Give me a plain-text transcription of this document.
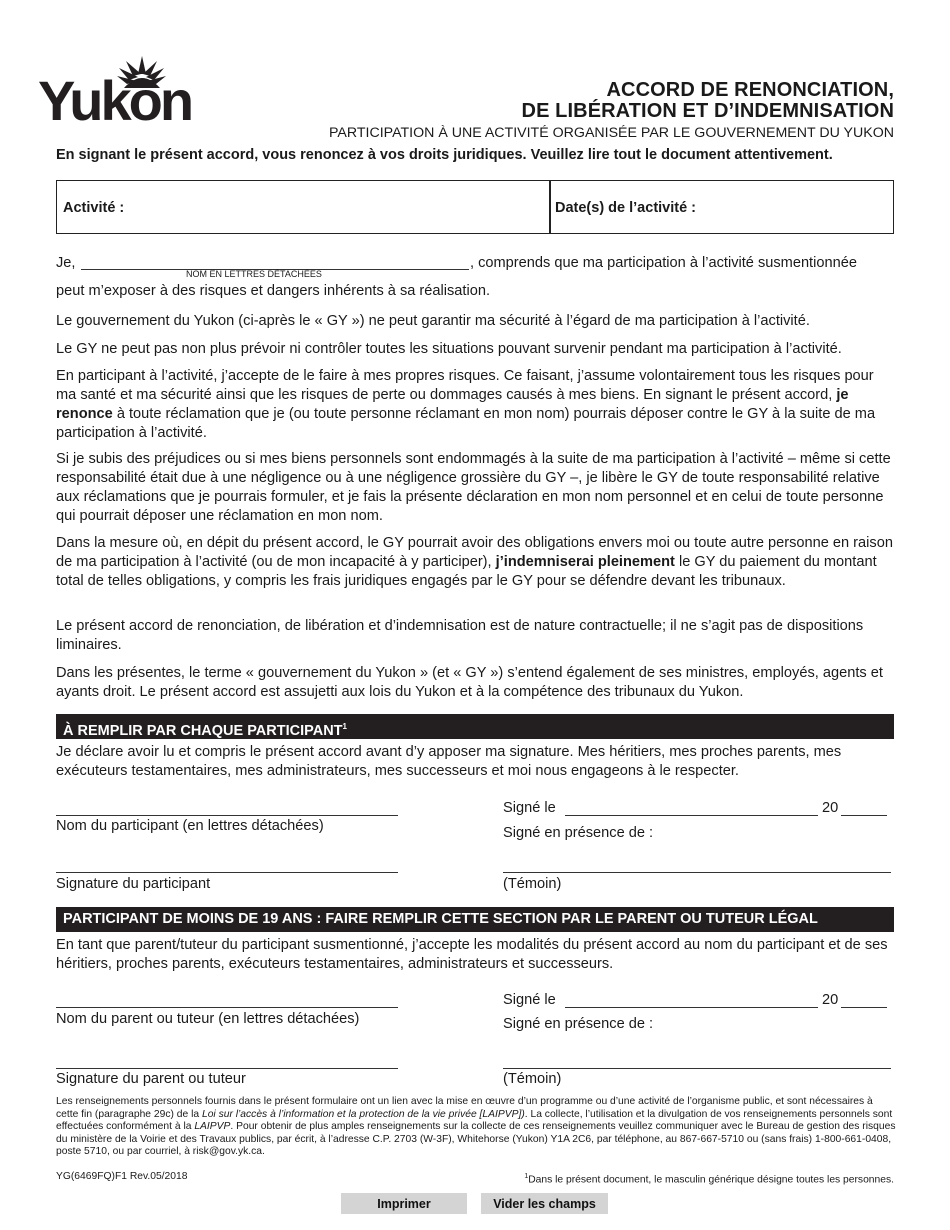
Yukon	ACCORD DE RENONCIATION,
DE LIBÉRATION ET D’INDEMNISATION
PARTICIPATION À UNE ACTIVITÉ ORGANISÉE PAR LE GOUVERNEMENT DU YUKON
En signant le présent accord, vous renoncez à vos droits juridiques. Veuillez lire tout le document attentivement.
Activité :	Date(s) de l’activité :
Je,
NOM EN LETTRES DÉTACHÉES
, comprends que ma participation à l’activité susmentionnée
peut m’exposer à des risques et dangers inhérents à sa réalisation.
Le gouvernement du Yukon (ci-après le « GY ») ne peut garantir ma sécurité à l’égard de ma participation à l’activité.
Le GY ne peut pas non plus prévoir ni contrôler toutes les situations pouvant survenir pendant ma participation à l’activité.
En participant à l’activité, j’accepte de le faire à mes propres risques. Ce faisant, j’assume volontairement tous les risques pour ma santé et ma sécurité ainsi que les risques de perte ou dommages causés à mes biens. En signant le présent accord, je renonce à toute réclamation que je (ou toute personne réclamant en mon nom) pourrais déposer contre le GY à la suite de ma participation à l’activité.
Si je subis des préjudices ou si mes biens personnels sont endommagés à la suite de ma participation à l’activité – même si cette responsabilité était due à une négligence ou à une négligence grossière du GY –, je libère le GY de toute responsabilité relative aux réclamations que je pourrais formuler, et je fais la présente déclaration en mon nom personnel et en celui de toute personne qui pourrait déposer une réclamation en mon nom.
Dans la mesure où, en dépit du présent accord, le GY pourrait avoir des obligations envers moi ou toute autre personne en raison de ma participation à l’activité (ou de mon incapacité à y participer), j’indemniserai pleinement le GY du paiement du montant total de telles obligations, y compris les frais juridiques engagés par le GY pour se défendre devant les tribunaux.
Le présent accord de renonciation, de libération et d’indemnisation est de nature contractuelle; il ne s’agit pas de dispositions liminaires.
Dans les présentes, le terme « gouvernement du Yukon » (et « GY ») s’entend également de ses ministres, employés, agents et ayants droit. Le présent accord est assujetti aux lois du Yukon et à la compétence des tribunaux du Yukon.
À REMPLIR PAR CHAQUE PARTICIPANT$^1$
Je déclare avoir lu et compris le présent accord avant d’y apposer ma signature. Mes héritiers, mes proches parents, mes exécuteurs testamentaires, mes administrateurs, mes successeurs et moi nous engageons à le respecter.
Nom du participant (en lettres détachées)
Signature du participant
Signé le	20
Signé en présence de :
(Témoin)
PARTICIPANT DE MOINS DE 19 ANS : FAIRE REMPLIR CETTE SECTION PAR LE PARENT OU TUTEUR LÉGAL
En tant que parent/tuteur du participant susmentionné, j’accepte les modalités du présent accord au nom du participant et de ses héritiers, proches parents, exécuteurs testamentaires, administrateurs et successeurs.
Nom du parent ou tuteur (en lettres détachées)
Signature du parent ou tuteur
Signé le	20
Signé en présence de :
(Témoin)
Les renseignements personnels fournis dans le présent formulaire ont un lien avec la mise en œuvre d’un programme ou d’une activité de l’organisme public, et sont nécessaires à cette fin (paragraphe 29c) de la Loi sur l’accès à l’information et la protection de la vie privée [LAIPVP]). La collecte, l’utilisation et la divulgation de vos renseignements personnels sont effectuées conformément à la LAIPVP. Pour obtenir de plus amples renseignements sur la collecte de ces renseignements veuillez communiquer avec le Bureau de gestion des risques du ministère de la Voirie et des Travaux publics, par écrit, à l’adresse C.P. 2703 (W-3F), Whitehorse (Yukon) Y1A 2C6, par téléphone, au 867-667-5710 ou (sans frais) 1-800-661-0408, poste 5710, ou par courriel, à risk@gov.yk.ca.
YG(6469FQ)F1 Rev.05/2018	$^1$Dans le présent document, le masculin générique désigne toutes les personnes.
Imprimer	Vider les champs
